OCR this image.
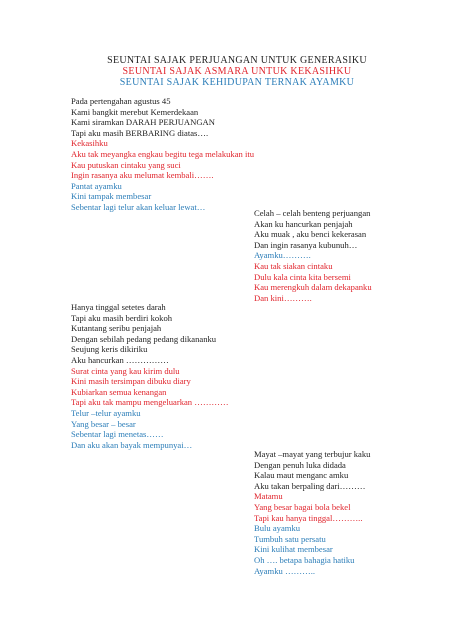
SEUNTAI SAJAK PERJUANGAN UNTUK GENERASIKU
SEUNTAI SAJAK ASMARA UNTUK KEKASIHKU
SEUNTAI SAJAK KEHIDUPAN TERNAK AYAMKU
Pada pertengahan agustus 45
Kami bangkit merebut Kemerdekaan
Kami siramkan DARAH PERJUANGAN
Tapi aku masih BERBARING diatas….
Kekasihku
Aku tak meyangka engkau begitu tega melakukan itu
Kau putuskan cintaku yang suci
Ingin rasanya aku melumat kembali…….
Pantat ayamku
Kini tampak membesar
Sebentar lagi telur akan keluar lewat…
Celah – celah benteng perjuangan
Akan ku hancurkan penjajah
Aku muak , aku benci kekerasan
Dan ingin rasanya kubunuh…
Ayamku……….
Kau tak siakan cintaku
Dulu kala cinta kita bersemi
Kau merengkuh dalam dekapanku
Dan kini……….
Hanya tinggal setetes darah
Tapi aku masih berdiri kokoh
Kutantang seribu penjajah
Dengan sebilah pedang pedang dikananku
Seujung keris dikiriku
Aku hancurkan ……………
Surat cinta yang kau kirim dulu
Kini masih tersimpan dibuku diary
Kubiarkan semua kenangan
Tapi aku tak mampu mengeluarkan …………
Telur –telur ayamku
Yang besar – besar
Sebentar lagi menetas……
Dan aku akan bayak mempunyai…
Mayat –mayat yang terbujur kaku
Dengan penuh luka didada
Kalau maut menganc amku
Aku takan berpaling dari………
Matamu
Yang besar bagai bola bekel
Tapi kau hanya tinggal………..
Bulu ayamku
Tumbuh satu persatu
Kini kulihat membesar
Oh …. betapa bahagia hatiku
Ayamku ………..
